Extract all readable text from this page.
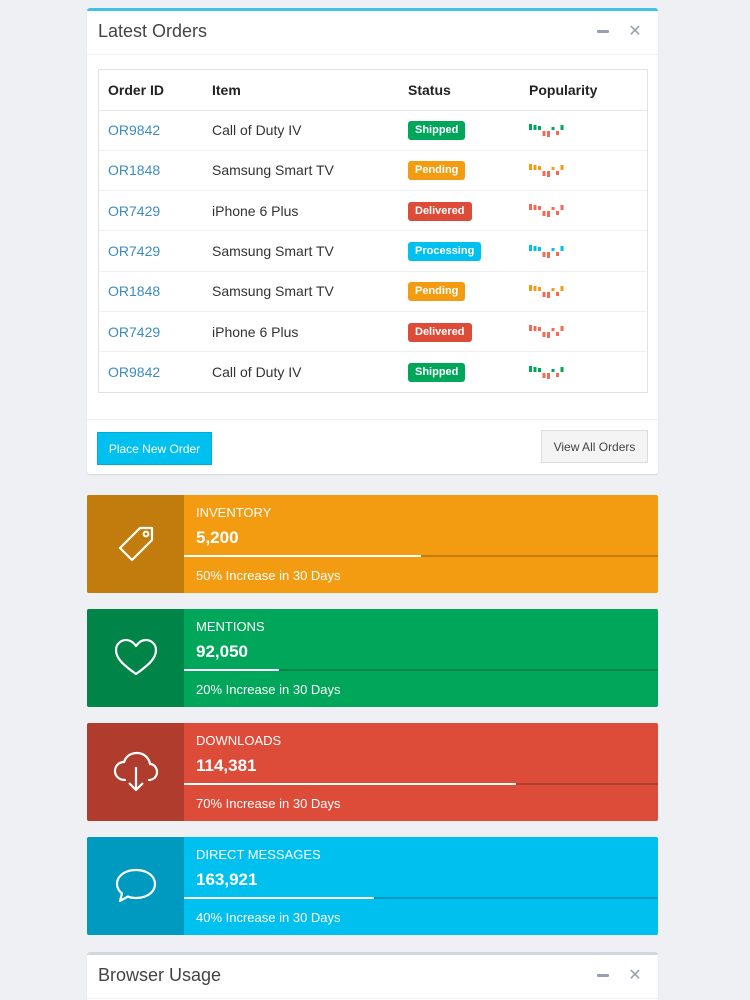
Latest Orders	✕
Order ID	Item	Status	Popularity
OR9842	Call of Duty IV	Shipped	
OR1848	Samsung Smart TV	Pending	
OR7429	iPhone 6 Plus	Delivered	
OR7429	Samsung Smart TV	Processing	
OR1848	Samsung Smart TV	Pending	
OR7429	iPhone 6 Plus	Delivered	
OR9842	Call of Duty IV	Shipped	
Place New Order	View All Orders
INVENTORY
5,200
50% Increase in 30 Days
MENTIONS
92,050
20% Increase in 30 Days
DOWNLOADS
114,381
70% Increase in 30 Days
DIRECT MESSAGES
163,921
40% Increase in 30 Days
Browser Usage	✕
